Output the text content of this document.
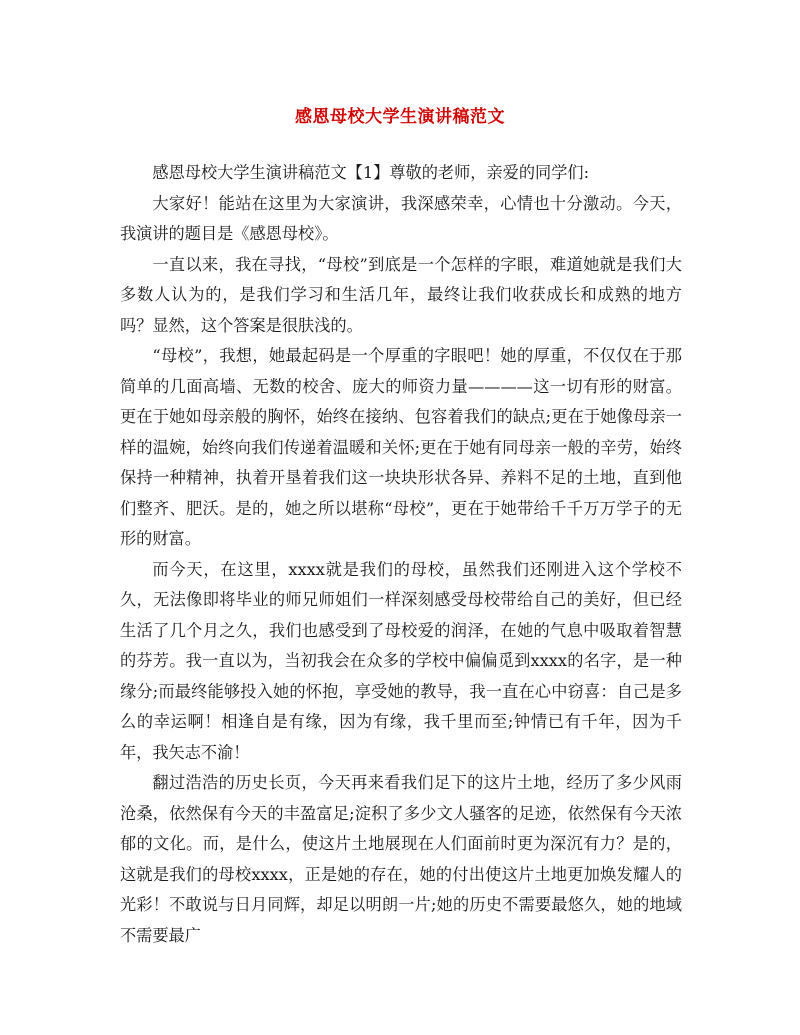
感恩母校大学生演讲稿范文

感恩母校大学生演讲稿范文【1】尊敬的老师，亲爱的同学们:

大家好！能站在这里为大家演讲，我深感荣幸，心情也十分激动。今天，我演讲的题目是《感恩母校》。

一直以来，我在寻找，“母校”到底是一个怎样的字眼，难道她就是我们大多数人认为的，是我们学习和生活几年，最终让我们收获成长和成熟的地方吗？显然，这个答案是很肤浅的。

“母校”，我想，她最起码是一个厚重的字眼吧！她的厚重，不仅仅在于那简单的几面高墙、无数的校舍、庞大的师资力量————这一切有形的财富。更在于她如母亲般的胸怀，始终在接纳、包容着我们的缺点;更在于她像母亲一样的温婉，始终向我们传递着温暖和关怀;更在于她有同母亲一般的辛劳，始终保持一种精神，执着开垦着我们这一块块形状各异、养料不足的土地，直到他们整齐、肥沃。是的，她之所以堪称“母校”，更在于她带给千千万万学子的无形的财富。

而今天，在这里，xxxx就是我们的母校，虽然我们还刚进入这个学校不久，无法像即将毕业的师兄师姐们一样深刻感受母校带给自己的美好，但已经生活了几个月之久，我们也感受到了母校爱的润泽，在她的气息中吸取着智慧的芬芳。我一直以为，当初我会在众多的学校中偏偏觅到xxxx的名字，是一种缘分;而最终能够投入她的怀抱，享受她的教导，我一直在心中窃喜：自己是多么的幸运啊！相逢自是有缘，因为有缘，我千里而至;钟情已有千年，因为千年，我矢志不渝！

翻过浩浩的历史长页，今天再来看我们足下的这片土地，经历了多少风雨沧桑，依然保有今天的丰盈富足;淀积了多少文人骚客的足迹，依然保有今天浓郁的文化。而，是什么，使这片土地展现在人们面前时更为深沉有力？是的，这就是我们的母校xxxx，正是她的存在，她的付出使这片土地更加焕发耀人的光彩！不敢说与日月同辉，却足以明朗一片;她的历史不需要最悠久，她的地域不需要最广
